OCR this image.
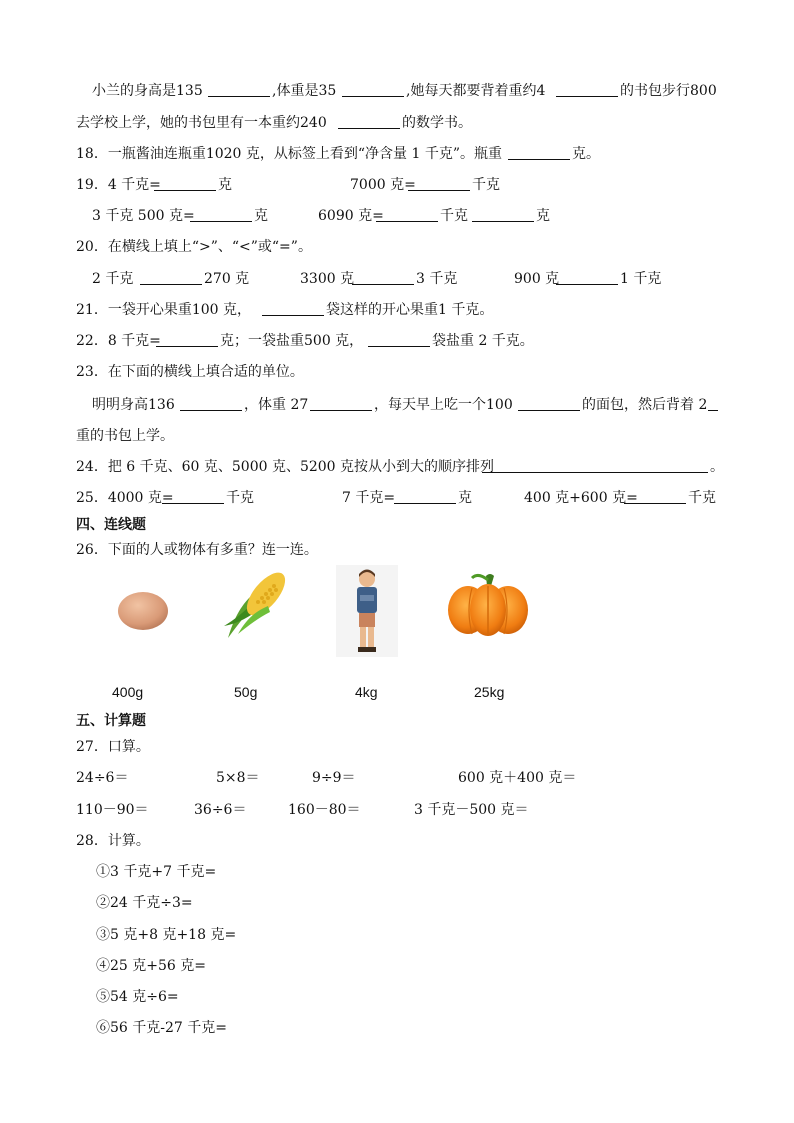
小兰的身高是135	,体重是35	,她每天都要背着重约4	的书包步行800
去学校上学，她的书包里有一本重约240	的数学书。
18．一瓶酱油连瓶重1020 克，从标签上看到“净含量 1 千克”。瓶重	克。
19．4 千克=	克	7000 克=	千克
3 千克 500 克=	克	6090 克=	千克	克
20．在横线上填上“>”、“<”或“=”。
2 千克	270 克	3300 克	3 千克	900 克	1 千克
21．一袋开心果重100 克，	袋这样的开心果重1 千克。
22．8 千克=	克；一袋盐重500 克，	袋盐重 2 千克。
23．在下面的横线上填合适的单位。
明明身高136	，体重 27	，每天早上吃一个100	的面包，然后背着 2
重的书包上学。
24．把 6 千克、60 克、5000 克、5200 克按从小到大的顺序排列	。
25．4000 克=	千克	7 千克=	克	400 克+600 克=	千克
四、连线题
26．下面的人或物体有多重？连一连。
400g	50g	4kg	25kg
五、计算题
27．口算。
24÷6＝	5×8＝	9÷9＝	600 克＋400 克＝
110－90＝	36÷6＝	160－80＝	3 千克－500 克＝
28．计算。
①3 千克+7 千克=
②24 千克÷3=
③5 克+8 克+18 克=
④25 克+56 克=
⑤54 克÷6=
⑥56 千克-27 千克=
